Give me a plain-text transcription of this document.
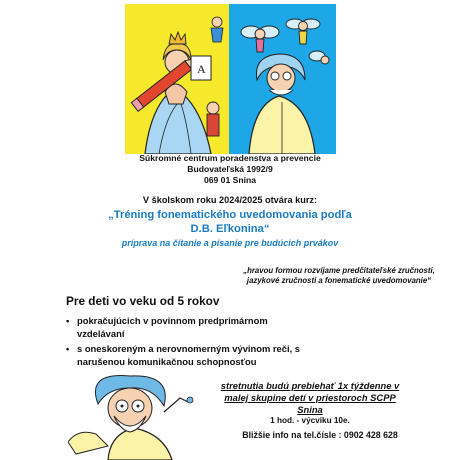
A

Súkromné centrum poradenstva a prevencie

Budovateľská 1992/9

069 01 Snina

V školskom roku 2024/2025 otvára kurz:

„Tréning fonematického uvedomovania podľa

D.B. Eľkonina“

príprava na čítanie a písanie pre budúcich prvákov

„hravou formou rozvíjame predčitateľské zručnosti, jazykové zručnosti a fonematické uvedomovanie“

Pre deti vo veku od 5 rokov

• pokračujúcich v povinnom predprimárnom
vzdelávaní
• s oneskoreným a nerovnomerným vývinom reči, s
narušenou komunikačnou schopnosťou

stretnutia budú prebiehať 1x týždenne v malej skupine detí v priestoroch SCPP Snina

1 hod. - výcviku 10e.

Bližšie info na tel.čísle : 0902 428 628
